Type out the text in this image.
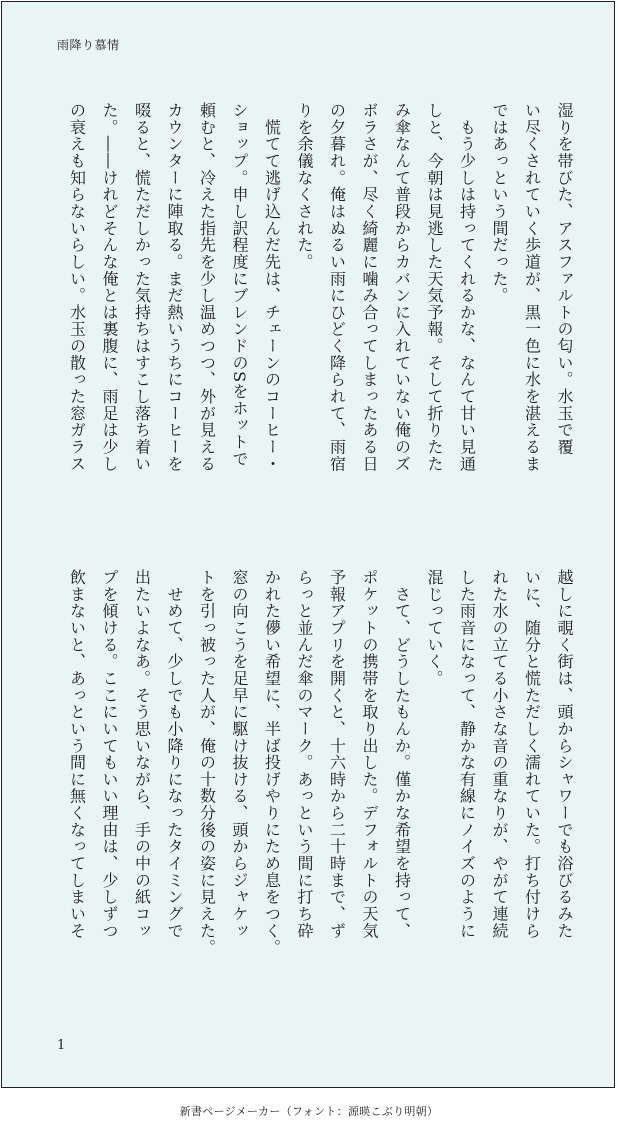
雨降り慕情
湿りを帯びた、アスファルトの匂い。水玉で覆
い尽くされていく歩道が、黒一色に水を湛えるま
ではあっという間だった。
　もう少しは持ってくれるかな、なんて甘い見通
しと、今朝は見逃した天気予報。そして折りたた
み傘なんて普段からカバンに入れていない俺のズ
ボラさが、尽く綺麗に噛み合ってしまったある日
の夕暮れ。俺はぬるい雨にひどく降られて、雨宿
りを余儀なくされた。
　慌てて逃げ込んだ先は、チェーンのコーヒー・
ショップ。申し訳程度にブレンドのSをホットで
頼むと、冷えた指先を少し温めつつ、外が見える
カウンターに陣取る。まだ熱いうちにコーヒーを
啜ると、慌ただしかった気持ちはすこし落ち着い
た。――けれどそんな俺とは裏腹に、雨足は少し
の衰えも知らないらしい。水玉の散った窓ガラス
越しに覗く街は、頭からシャワーでも浴びるみた
いに、随分と慌ただしく濡れていた。打ち付けら
れた水の立てる小さな音の重なりが、やがて連続
した雨音になって、静かな有線にノイズのように
混じっていく。
　さて、どうしたもんか。僅かな希望を持って、
ポケットの携帯を取り出した。デフォルトの天気
予報アプリを開くと、十六時から二十時まで、ず
らっと並んだ傘のマーク。あっという間に打ち砕
かれた儚い希望に、半ば投げやりにため息をつく。
窓の向こうを足早に駆け抜ける、頭からジャケッ
トを引っ被った人が、俺の十数分後の姿に見えた。
　せめて、少しでも小降りになったタイミングで
出たいよなあ。そう思いながら、手の中の紙コッ
プを傾ける。ここにいてもいい理由は、少しずつ
飲まないと、あっという間に無くなってしまいそ
1
新書ページメーカー（フォント：源暎こぶり明朝）
